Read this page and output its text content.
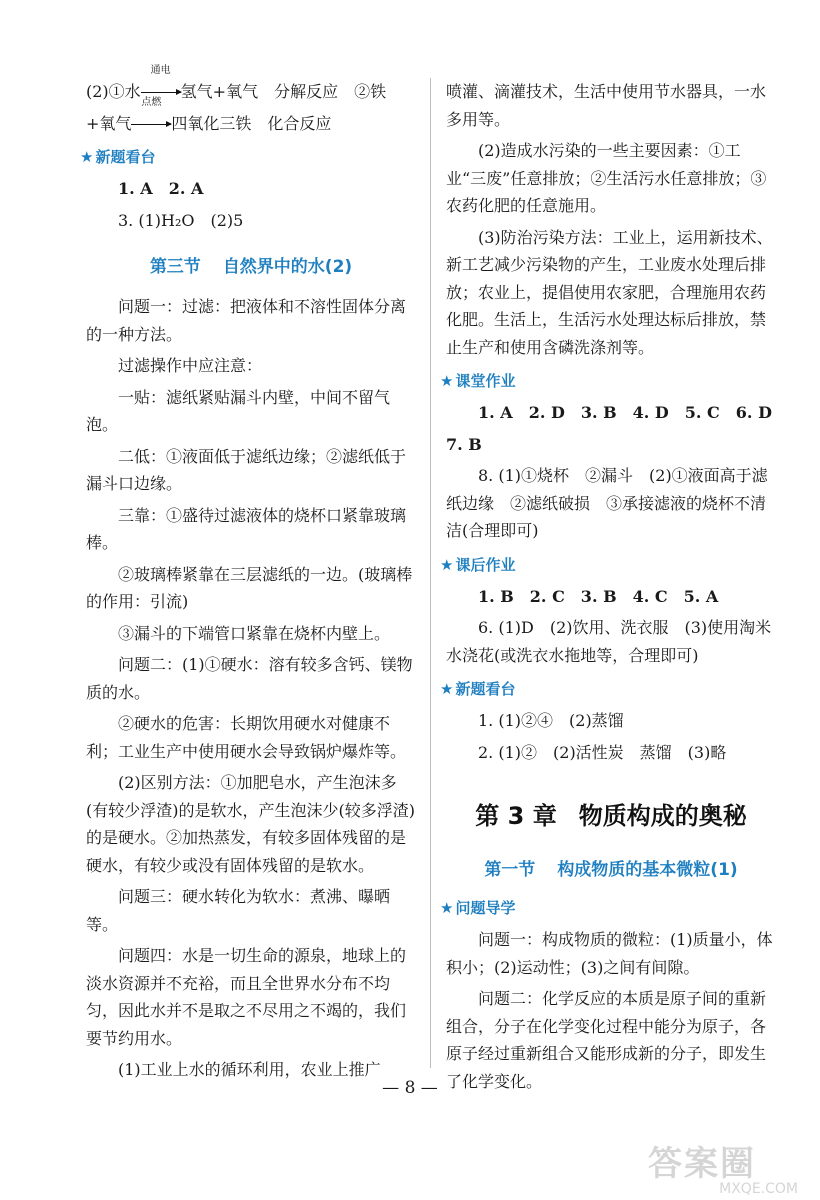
(2)①水
通电
氢气+氧气　分解反应　②铁

+氧气
点燃
四氧化三铁　化合反应

★ 新题看台

1. A　2. A

3. (1)H₂O　(2)5

第三节 自然界中的水(2)

问题一：过滤：把液体和不溶性固体分离的一种方法。

过滤操作中应注意：

一贴：滤纸紧贴漏斗内壁，中间不留气泡。

二低：①液面低于滤纸边缘；②滤纸低于漏斗口边缘。

三靠：①盛待过滤液体的烧杯口紧靠玻璃棒。

②玻璃棒紧靠在三层滤纸的一边。(玻璃棒的作用：引流)

③漏斗的下端管口紧靠在烧杯内壁上。

问题二：(1)①硬水：溶有较多含钙、镁物质的水。

②硬水的危害：长期饮用硬水对健康不利；工业生产中使用硬水会导致锅炉爆炸等。

(2)区别方法：①加肥皂水，产生泡沫多(有较少浮渣)的是软水，产生泡沫少(较多浮渣)的是硬水。②加热蒸发，有较多固体残留的是硬水，有较少或没有固体残留的是软水。

问题三：硬水转化为软水：煮沸、曝晒等。

问题四：水是一切生命的源泉，地球上的淡水资源并不充裕，而且全世界水分布不均匀，因此水并不是取之不尽用之不竭的，我们要节约用水。

(1)工业上水的循环利用，农业上推广

喷灌、滴灌技术，生活中使用节水器具，一水多用等。

(2)造成水污染的一些主要因素：①工业“三废”任意排放；②生活污水任意排放；③农药化肥的任意施用。

(3)防治污染方法：工业上，运用新技术、新工艺减少污染物的产生，工业废水处理后排放；农业上，提倡使用农家肥，合理施用农药化肥。生活上，生活污水处理达标后排放，禁止生产和使用含磷洗涤剂等。

★ 课堂作业

1. A　2. D　3. B　4. D　5. C　6. D

7. B

8. (1)①烧杯　②漏斗　(2)①液面高于滤纸边缘　②滤纸破损　③承接滤液的烧杯不清洁(合理即可)

★ 课后作业

1. B　2. C　3. B　4. C　5. A

6. (1)D　(2)饮用、洗衣服　(3)使用淘米水浇花(或洗衣水拖地等，合理即可)

★ 新题看台

1. (1)②④　(2)蒸馏

2. (1)②　(2)活性炭　蒸馏　(3)略

第 3 章 物质构成的奥秘
第一节 构成物质的基本微粒(1)
★ 问题导学

问题一：构成物质的微粒：(1)质量小，体积小；(2)运动性；(3)之间有间隙。

问题二：化学反应的本质是原子间的重新组合，分子在化学变化过程中能分为原子，各原子经过重新组合又能形成新的分子，即发生了化学变化。

— 8 —
答案圈
MXQE.COM
